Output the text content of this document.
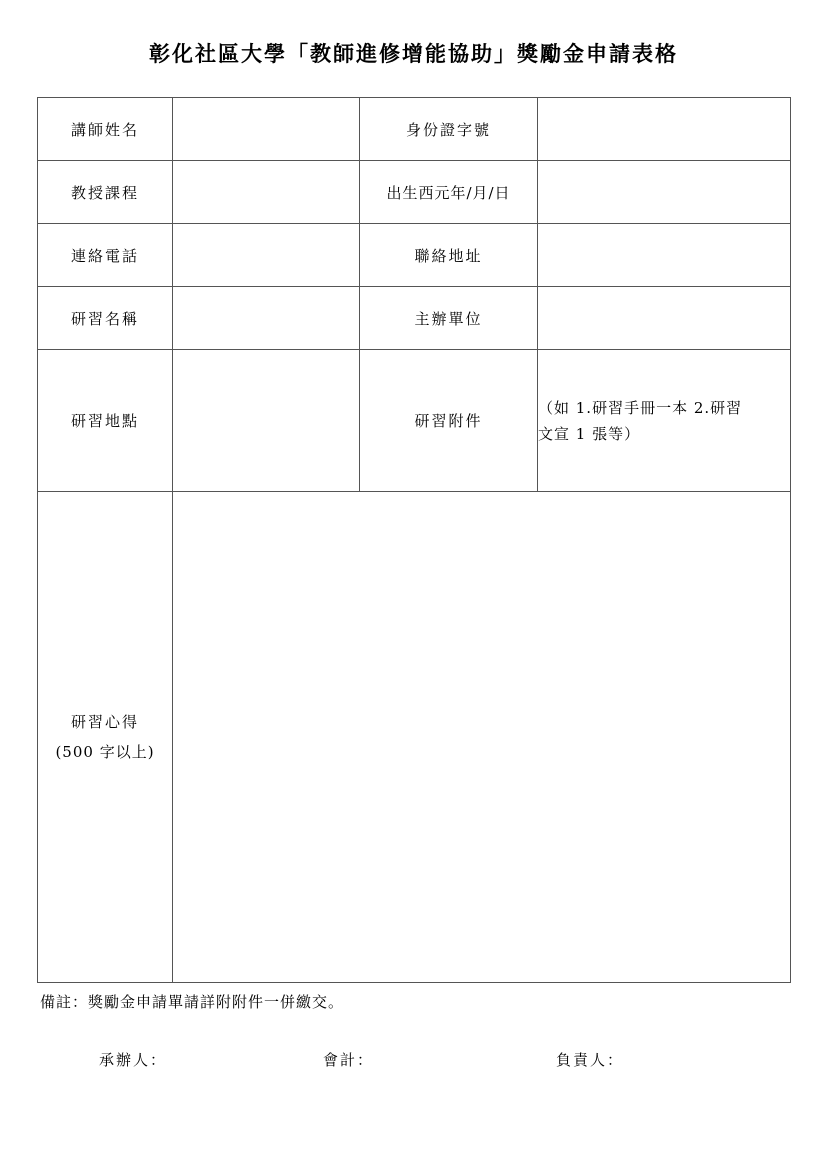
彰化社區大學「教師進修增能協助」獎勵金申請表格
講師姓名		身份證字號	
教授課程		出生西元年/月/日	
連絡電話		聯絡地址	
研習名稱		主辦單位	
研習地點		研習附件	（如 1.研習手冊一本 2.研習
文宣 1 張等）

研習心得
(500 字以上)			

備註：獎勵金申請單請詳附附件一併繳交。
承辦人：	會計：	負責人：
